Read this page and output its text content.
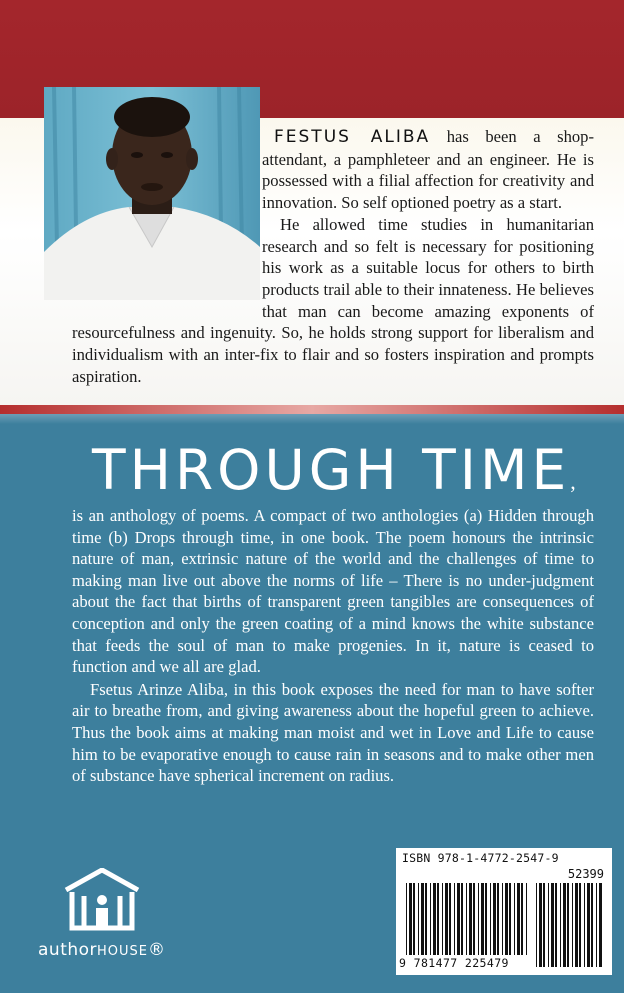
FESTUS ALIBA has been a shop-attendant, a pamphleteer and an engineer. He is possessed with a filial affection for creativity and innovation. So self optioned poetry as a start.

He allowed time studies in humanitarian research and so felt is necessary for positioning his work as a suitable locus for others to birth products trail able to their innateness. He believes that man can become amazing exponents of resourcefulness and ingenuity. So, he holds strong support for liberalism and individualism with an inter-fix to flair and so fosters inspiration and prompts aspiration.

THROUGH TIME,

is an anthology of poems. A compact of two anthologies (a) Hidden through time (b) Drops through time, in one book. The poem honours the intrinsic nature of man, extrinsic nature of the world and the challenges of time to making man live out above the norms of life – There is no under-judgment about the fact that births of transparent green tangibles are consequences of conception and only the green coating of a mind knows the white substance that feeds the soul of man to make progenies. In it, nature is ceased to function and we all are glad.

Fsetus Arinze Aliba, in this book exposes the need for man to have softer air to breathe from, and giving awareness about the hopeful green to achieve. Thus the book aims at making man moist and wet in Love and Life to cause him to be evaporative enough to cause rain in seasons and to make other men of substance have spherical increment on radius.

authorHOUSE®
ISBN 978-1-4772-2547-9
52399
9 781477 225479
